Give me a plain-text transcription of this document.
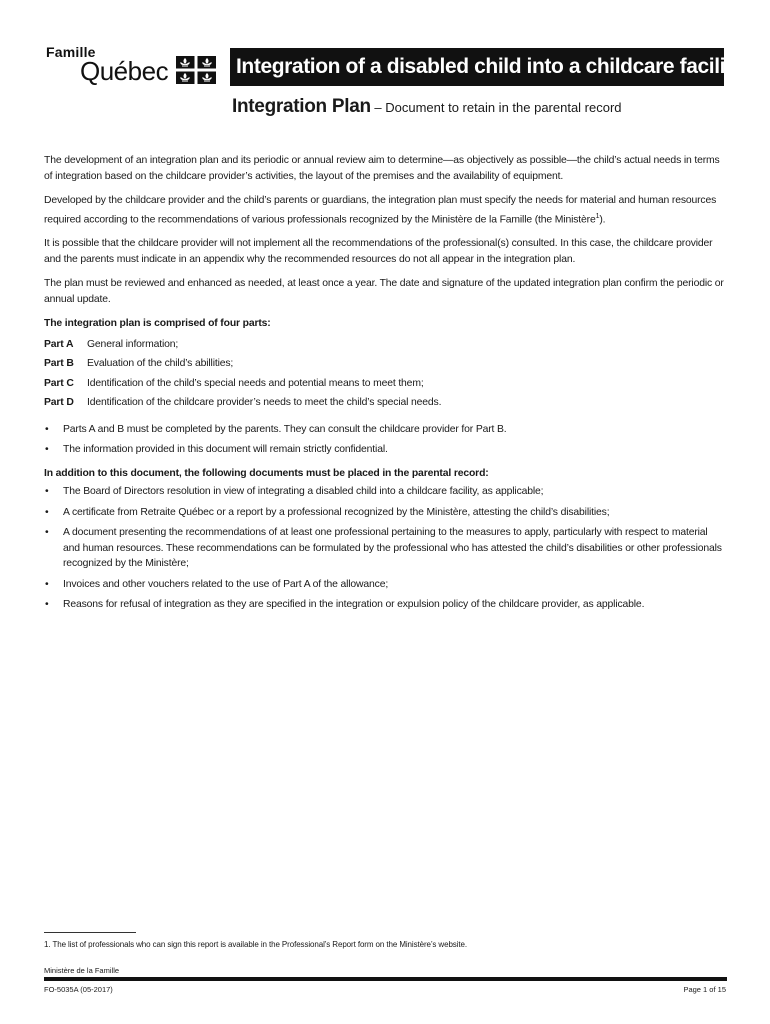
Famille
Québec	Integration of a disabled child into a childcare facility
Integration Plan – Document to retain in the parental record

The development of an integration plan and its periodic or annual review aim to determine—as objectively as possible—the child’s actual needs in terms of integration based on the childcare provider’s activities, the layout of the premises and the availability of equipment.

Developed by the childcare provider and the child’s parents or guardians, the integration plan must specify the needs for material and human resources required according to the recommendations of various professionals recognized by the Ministère de la Famille (the Ministère$^1$).

It is possible that the childcare provider will not implement all the recommendations of the professional(s) consulted. In this case, the childcare provider and the parents must indicate in an appendix why the recommended resources do not all appear in the integration plan.

The plan must be reviewed and enhanced as needed, at least once a year. The date and signature of the updated integration plan confirm the periodic or annual update.

The integration plan is comprised of four parts:
Part A	General information;
Part B	Evaluation of the child’s abillities;
Part C	Identification of the child’s special needs and potential means to meet them;
Part D	Identification of the childcare provider’s needs to meet the child’s special needs.
• Parts A and B must be completed by the parents. They can consult the childcare provider for Part B.
• The information provided in this document will remain strictly confidential.
In addition to this document, the following documents must be placed in the parental record:
• The Board of Directors resolution in view of integrating a disabled child into a childcare facility, as applicable;
• A certificate from Retraite Québec or a report by a professional recognized by the Ministère, attesting the child’s disabilities;
• A document presenting the recommendations of at least one professional pertaining to the measures to apply, particularly with respect to material and human resources. These recommendations can be formulated by the professional who has attested the child’s disabilities or other professionals recognized by the Ministère;
• Invoices and other vouchers related to the use of Part A of the allowance;
• Reasons for refusal of integration as they are specified in the integration or expulsion policy of the childcare provider, as applicable.
1. The list of professionals who can sign this report is available in the Professional’s Report form on the Ministère’s website.
Ministère de la Famille
FO-5035A (05-2017)	Page 1 of 15
